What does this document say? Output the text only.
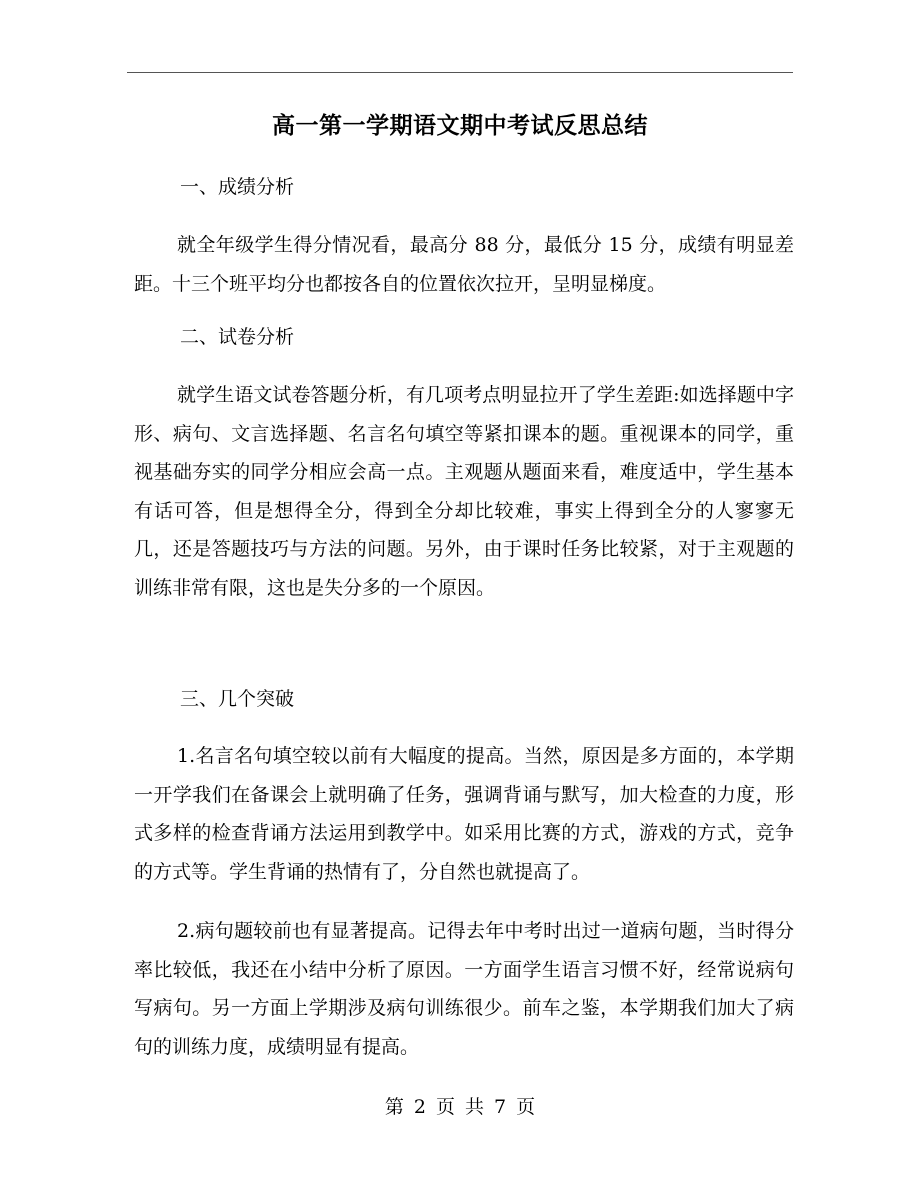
高一第一学期语文期中考试反思总结
一、成绩分析

就全年级学生得分情况看，最高分 88 分，最低分 15 分，成绩有明显差距。十三个班平均分也都按各自的位置依次拉开，呈明显梯度。

二、试卷分析

就学生语文试卷答题分析，有几项考点明显拉开了学生差距:如选择题中字形、病句、文言选择题、名言名句填空等紧扣课本的题。重视课本的同学，重视基础夯实的同学分相应会高一点。主观题从题面来看，难度适中，学生基本有话可答，但是想得全分，得到全分却比较难，事实上得到全分的人寥寥无几，还是答题技巧与方法的问题。另外，由于课时任务比较紧，对于主观题的训练非常有限，这也是失分多的一个原因。

三、几个突破

1.名言名句填空较以前有大幅度的提高。当然，原因是多方面的，本学期一开学我们在备课会上就明确了任务，强调背诵与默写，加大检查的力度，形式多样的检查背诵方法运用到教学中。如采用比赛的方式，游戏的方式，竞争的方式等。学生背诵的热情有了，分自然也就提高了。

2.病句题较前也有显著提高。记得去年中考时出过一道病句题，当时得分率比较低，我还在小结中分析了原因。一方面学生语言习惯不好，经常说病句写病句。另一方面上学期涉及病句训练很少。前车之鉴，本学期我们加大了病句的训练力度，成绩明显有提高。

第 2 页 共 7 页
